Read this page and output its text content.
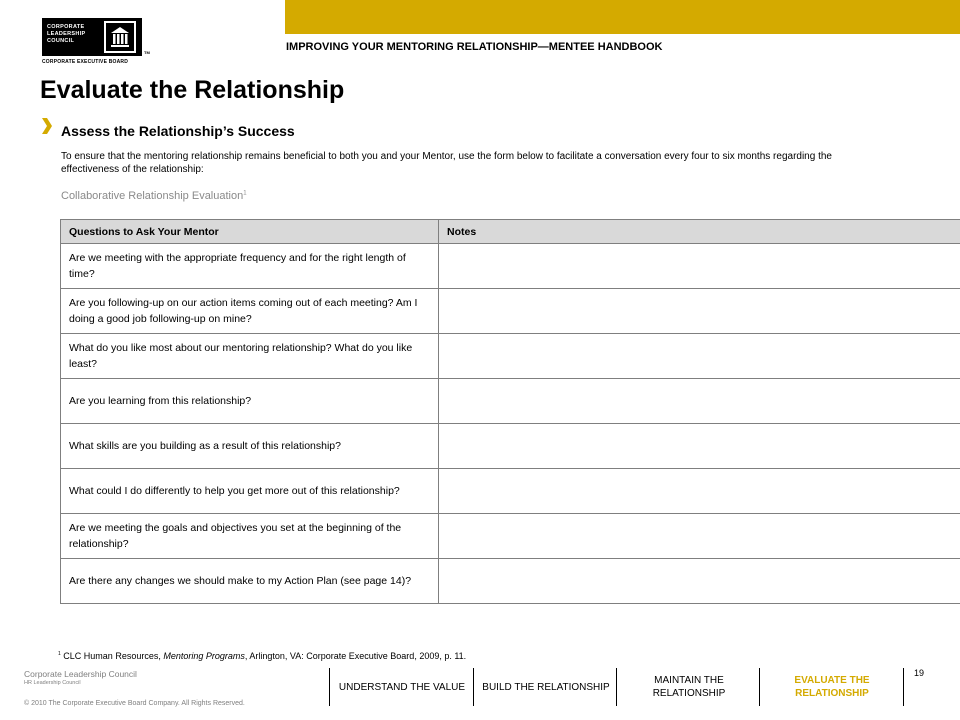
CORPORATE
LEADERSHIP
COUNCIL
TM
CORPORATE EXECUTIVE BOARD
IMPROVING YOUR MENTORING RELATIONSHIP—MENTEE HANDBOOK
Evaluate the Relationship
Assess the Relationship’s Success
To ensure that the mentoring relationship remains beneficial to both you and your Mentor, use the form below to facilitate a conversation every four to six months regarding the effectiveness of the relationship:
Collaborative Relationship Evaluation$^1$
Questions to Ask Your Mentor	Notes
Are we meeting with the appropriate frequency and for the right length of time?	
Are you following-up on our action items coming out of each meeting? Am I doing a good job following-up on mine?	
What do you like most about our mentoring relationship? What do you like least?	
Are you learning from this relationship?	
What skills are you building as a result of this relationship?	
What could I do differently to help you get more out of this relationship?	
Are we meeting the goals and objectives you set at the beginning of the relationship?	
Are there any changes we should make to my Action Plan (see page 14)?	
$^1$ CLC Human Resources, Mentoring Programs, Arlington, VA: Corporate Executive Board, 2009, p. 11.
Corporate Leadership Council
HR Leadership Council
© 2010 The Corporate Executive Board Company. All Rights Reserved.
UNDERSTAND THE VALUE BUILD THE RELATIONSHIP
MAINTAIN THE RELATIONSHIP
EVALUATE THE RELATIONSHIP
19
